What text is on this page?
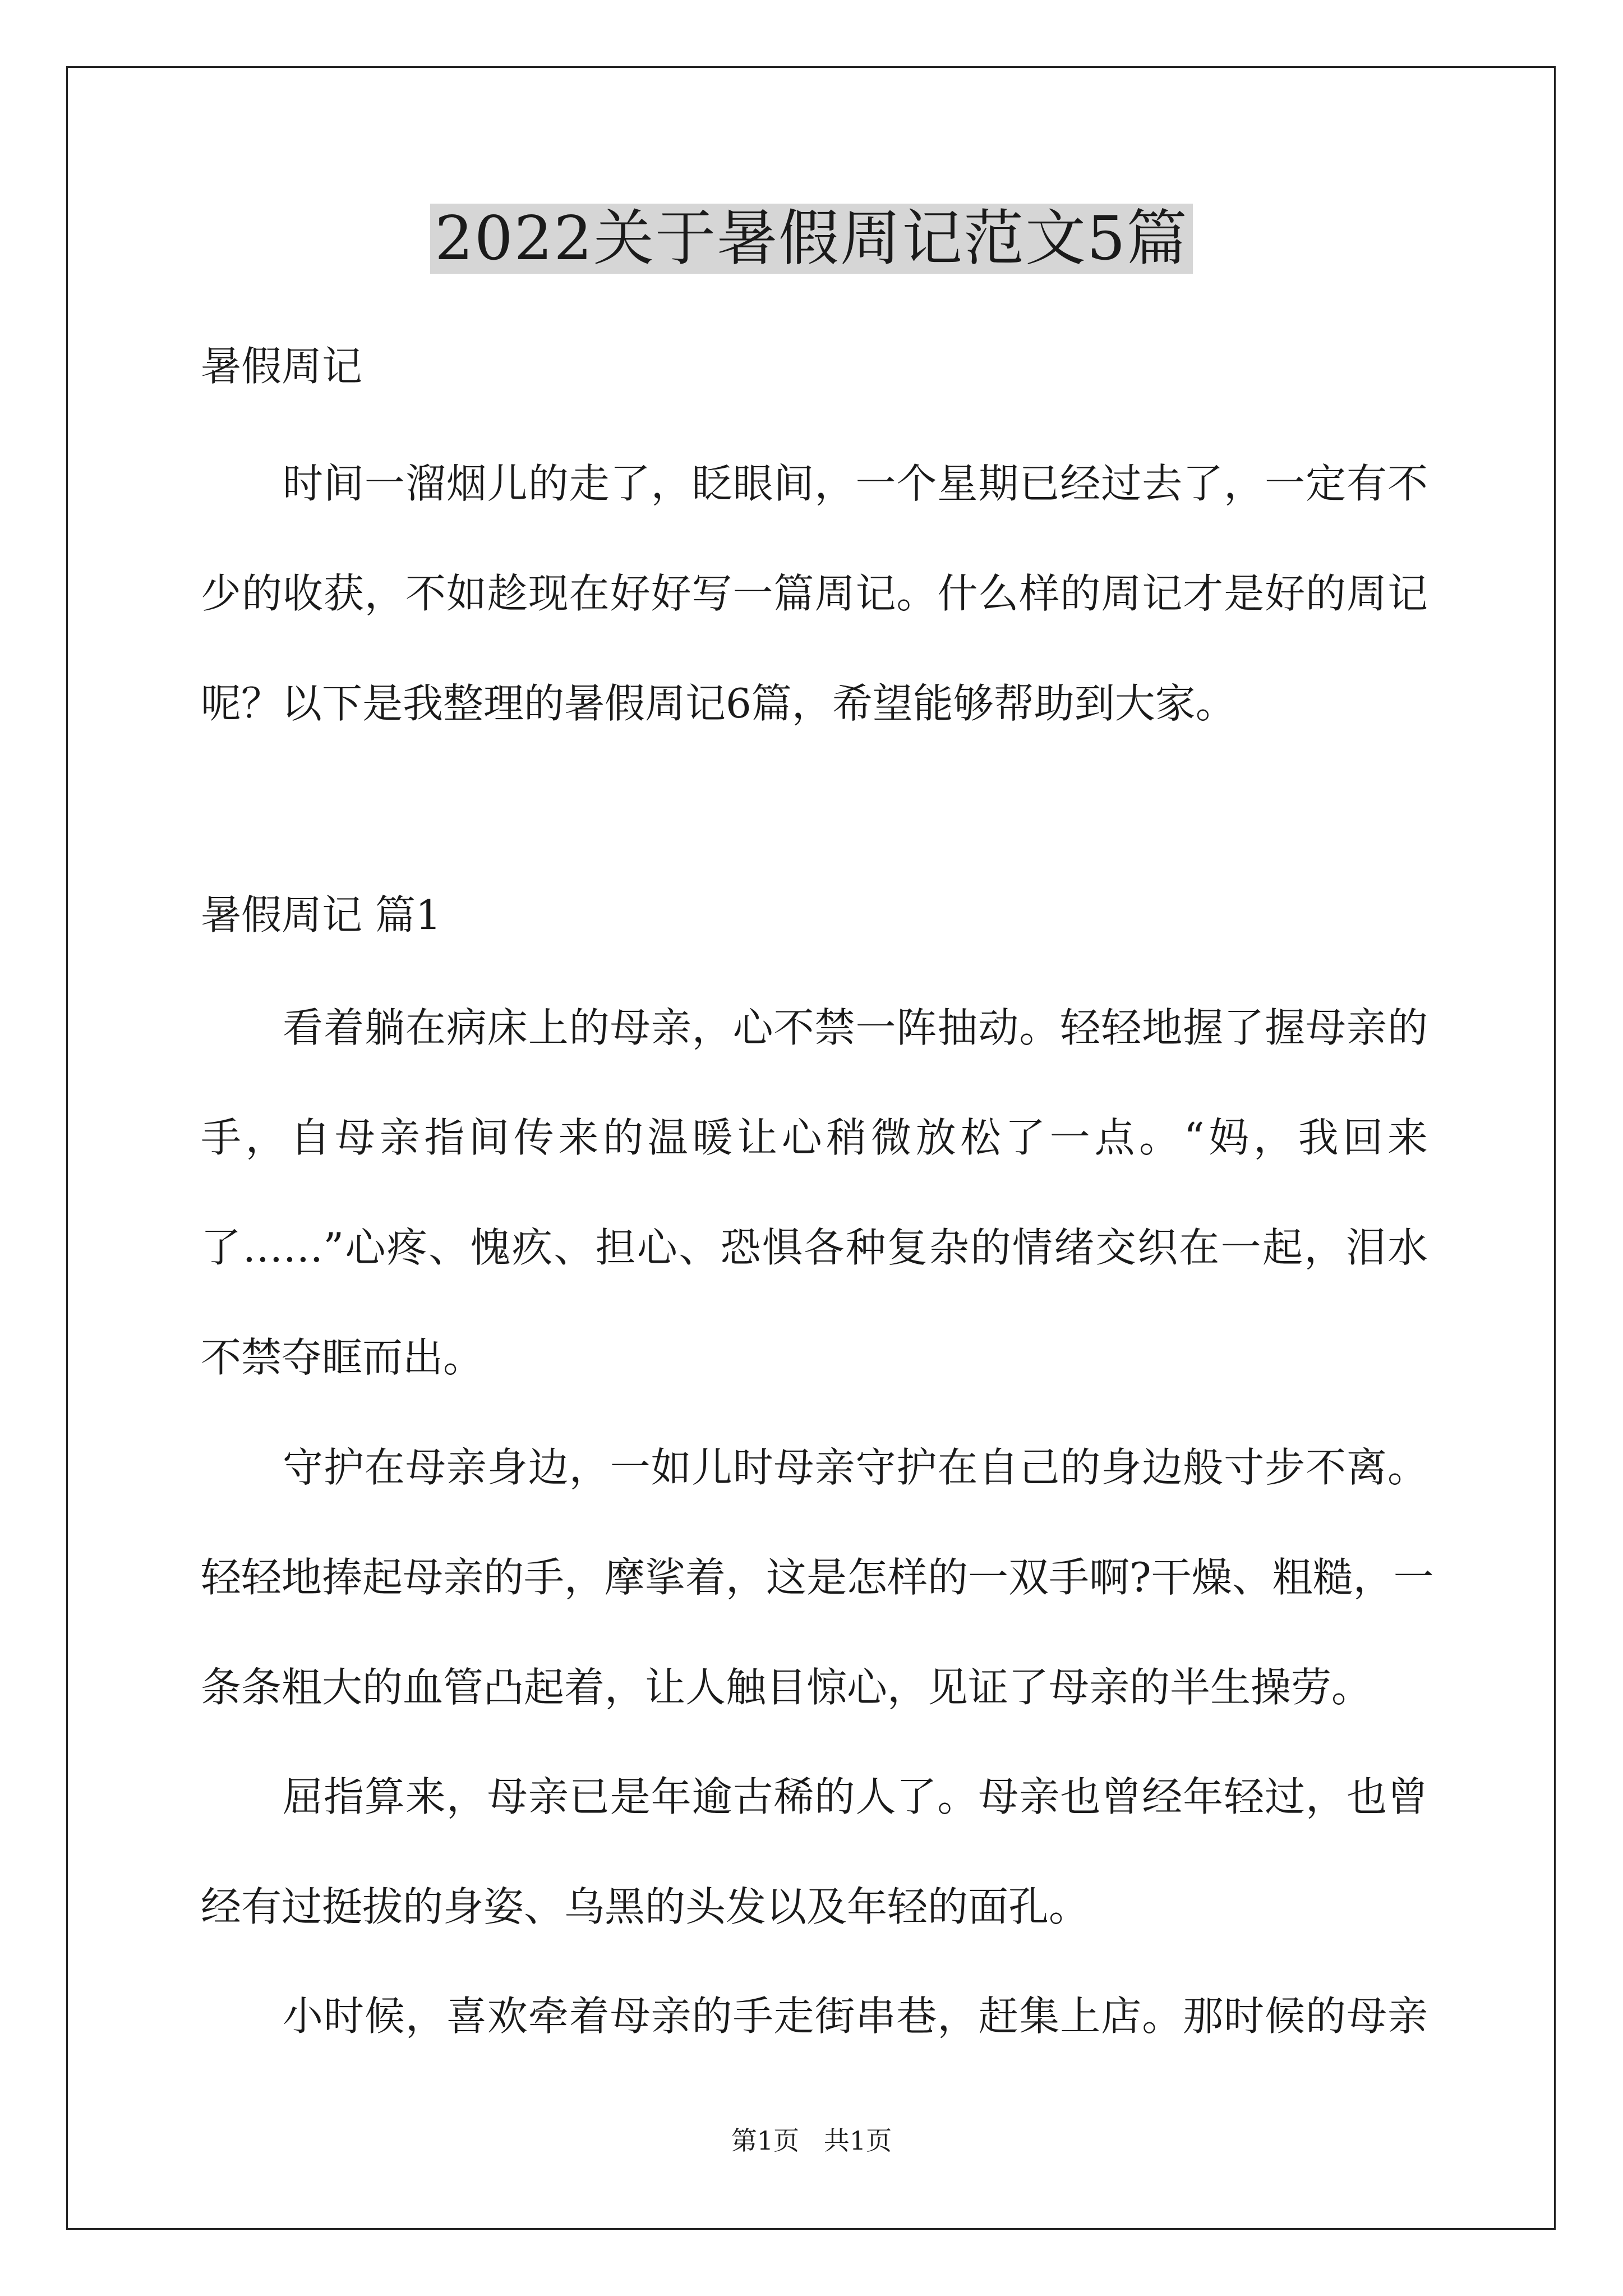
2022关于暑假周记范文5篇
暑假周记
时间一溜烟儿的走了，眨眼间，一个星期已经过去了，一定有不
少的收获，不如趁现在好好写一篇周记。什么样的周记才是好的周记
呢？以下是我整理的暑假周记6篇，希望能够帮助到大家。
暑假周记 篇1
看着躺在病床上的母亲，心不禁一阵抽动。轻轻地握了握母亲的
手，自母亲指间传来的温暖让心稍微放松了一点。“妈，我回来
了……”心疼、愧疚、担心、恐惧各种复杂的情绪交织在一起，泪水
不禁夺眶而出。
守护在母亲身边，一如儿时母亲守护在自己的身边般寸步不离。
轻轻地捧起母亲的手，摩挲着，这是怎样的一双手啊?干燥、粗糙，一
条条粗大的血管凸起着，让人触目惊心，见证了母亲的半生操劳。
屈指算来，母亲已是年逾古稀的人了。母亲也曾经年轻过，也曾
经有过挺拔的身姿、乌黑的头发以及年轻的面孔。
小时候，喜欢牵着母亲的手走街串巷，赶集上店。那时候的母亲
第1页   共1页
